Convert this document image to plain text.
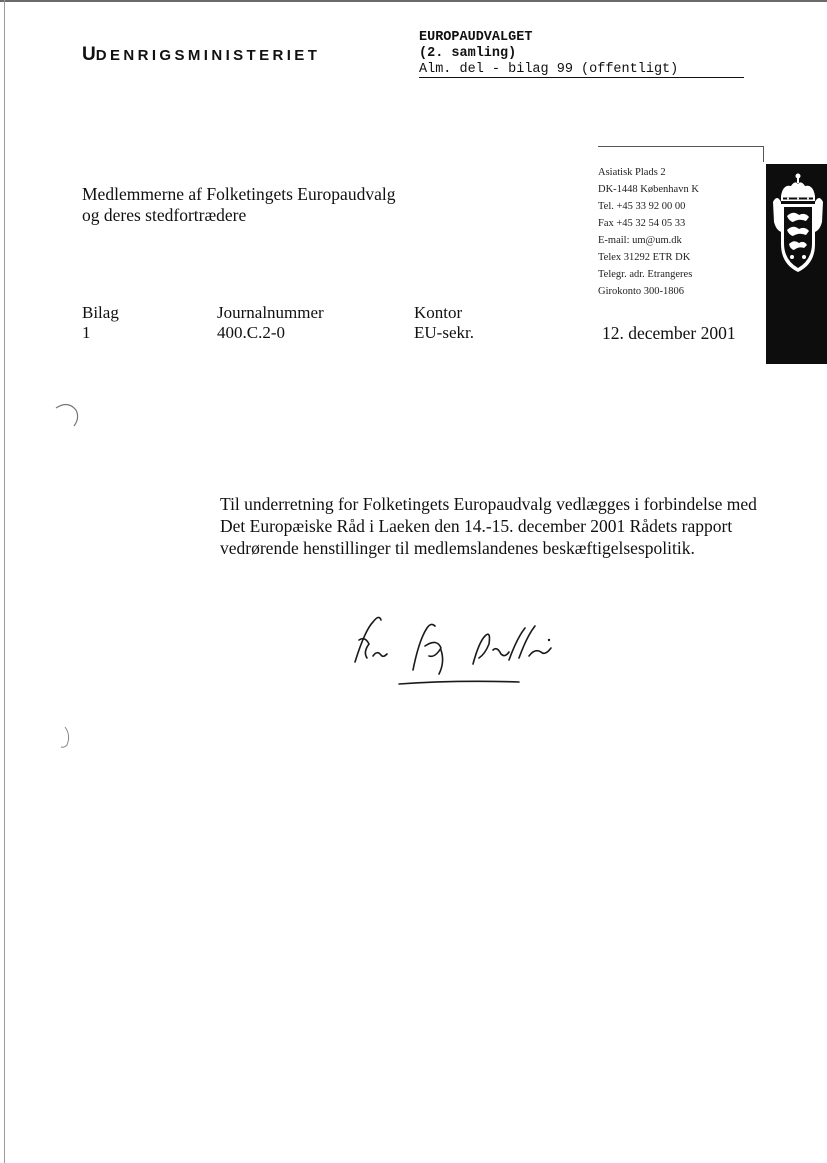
UDENRIGSMINISTERIET
EUROPAUDVALGET
(2. samling)
Alm. del - bilag 99 (offentligt)
Asiatisk Plads 2
DK-1448 København K
Tel. +45 33 92 00 00
Fax +45 32 54 05 33
E-mail: um@um.dk
Telex 31292 ETR DK
Telegr. adr. Etrangeres
Girokonto 300-1806
Medlemmerne af Folketingets Europaudvalg
og deres stedfortrædere
Bilag
1
Journalnummer
400.C.2-0
Kontor
EU-sekr.	12. december 2001
Til underretning for Folketingets Europaudvalg vedlægges i forbindelse med Det Europæiske Råd i Laeken den 14.-15. december 2001 Rådets rapport vedrørende henstillinger til medlemslandenes beskæftigelsespolitik.
